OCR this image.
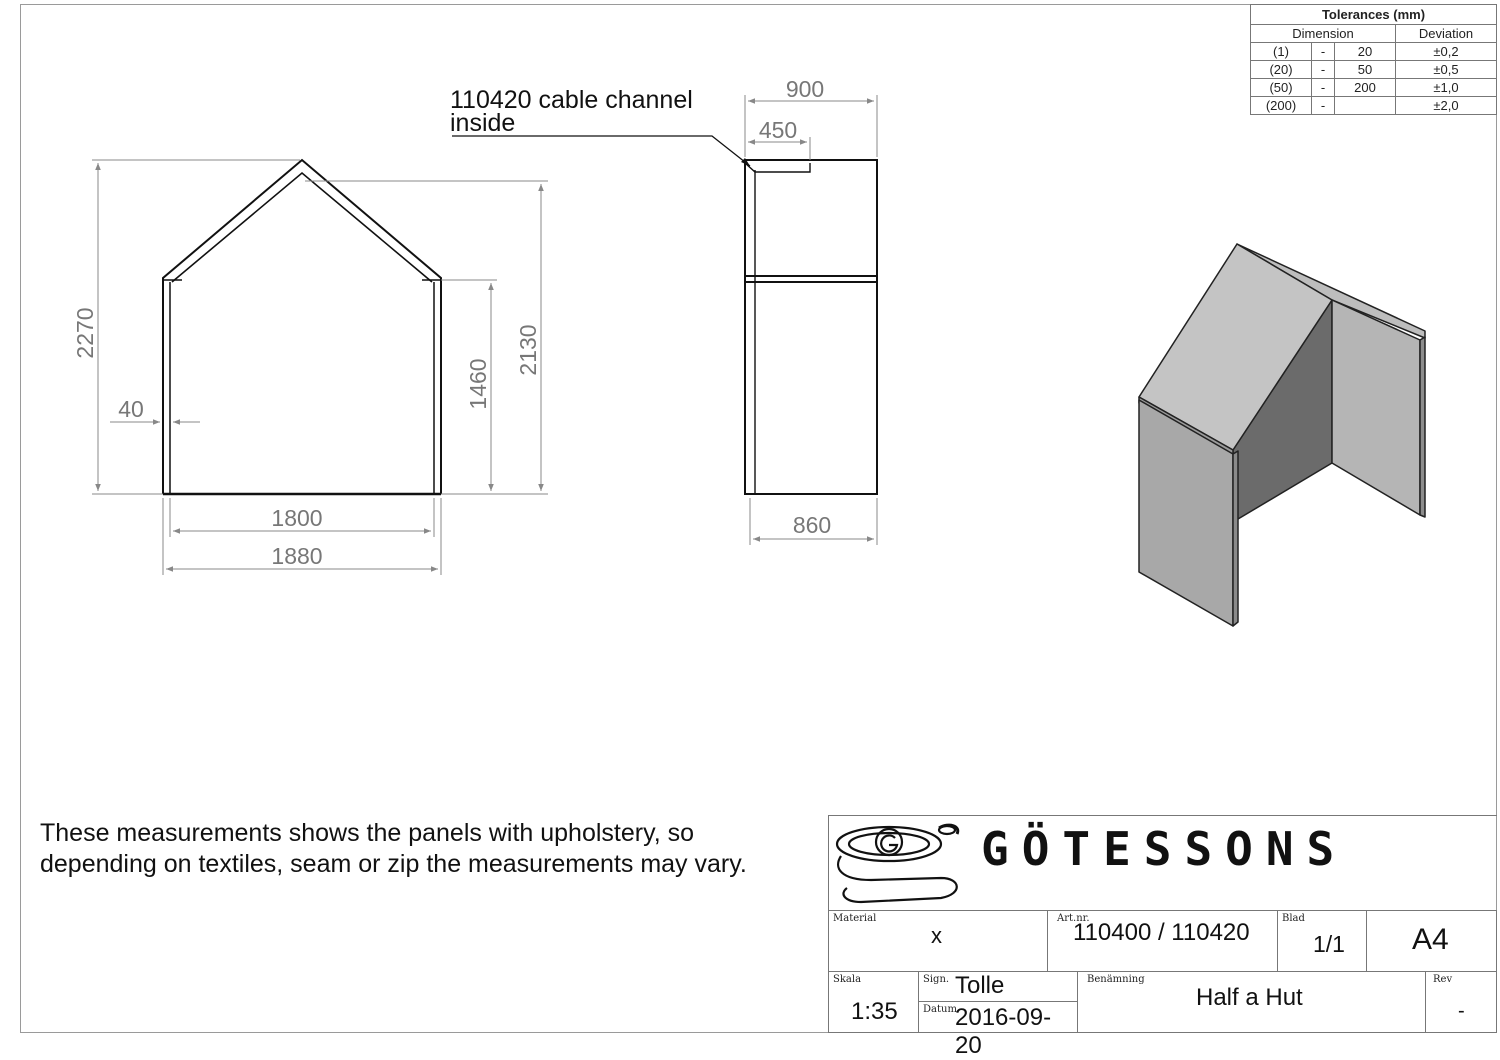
2270	2130
1460
40
1800
1880
110420 cable channel
inside
900
450
860
Tolerances (mm)			
Dimension			Deviation
(1)	-	20	±0,2
(20)	-	50	±0,5
(50)	-	200	±1,0
(200)	-		±2,0
These measurements shows the panels with upholstery, so depending on textiles, seam or zip the measurements may vary.	GÖTESSONS
Material
x
Art.nr.
110400 / 110420
Blad
1/1 A4
Skala
1:35
Sign. Tolle
Datum
2016-09-20
Benämning
Half a Hut
Rev
-
